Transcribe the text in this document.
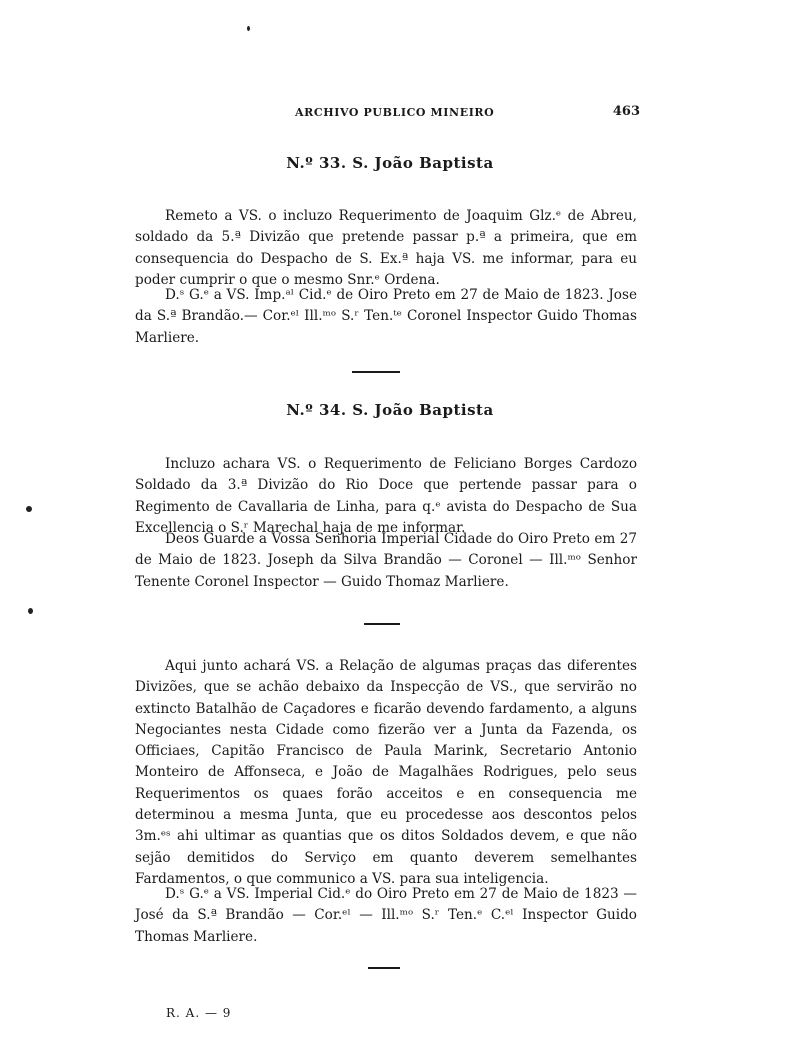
ARCHIVO PUBLICO MINEIRO	463
N.º 33. S. João Baptista

Remeto a VS. o incluzo Requerimento de Joaquim Glz.ᵉ de Abreu, soldado da 5.ª Divizão que pretende passar p.ª a primeira, que em consequencia do Despacho de S. Ex.ª haja VS. me informar, para eu poder cumprir o que o mesmo Snr.ᵉ Ordena.

D.ˢ G.ᵉ a VS. Imp.ᵃˡ Cid.ᵉ de Oiro Preto em 27 de Maio de 1823. Jose da S.ª Brandão.— Cor.ᵉˡ Ill.ᵐᵒ S.ʳ Ten.ᵗᵉ Coronel Inspector Guido Thomas Marliere.

N.º 34. S. João Baptista

Incluzo achara VS. o Requerimento de Feliciano Borges Cardozo Soldado da 3.ª Divizão do Rio Doce que pertende passar para o Regimento de Cavallaria de Linha, para q.ᵉ avista do Despacho de Sua Excellencia o S.ʳ Marechal haja de me informar.

Deos Guarde a Vossa Senhoria Imperial Cidade do Oiro Preto em 27 de Maio de 1823. Joseph da Silva Brandão — Coronel — Ill.ᵐᵒ Senhor Tenente Coronel Inspector — Guido Thomaz Marliere.

Aqui junto achará VS. a Relação de algumas praças das diferentes Divizões, que se achão debaixo da Inspecção de VS., que servirão no extincto Batalhão de Caçadores e ficarão devendo fardamento, a alguns Negociantes nesta Cidade como fizerão ver a Junta da Fazenda, os Officiaes, Capitão Francisco de Paula Marink, Secretario Antonio Monteiro de Affonseca, e João de Magalhães Rodrigues, pelo seus Requerimentos os quaes forão acceitos e en consequencia me determinou a mesma Junta, que eu procedesse aos descontos pelos 3m.ᵉˢ ahi ultimar as quantias que os ditos Soldados devem, e que não sejão demitidos do Serviço em quanto deverem semelhantes Fardamentos, o que communico a VS. para sua inteligencia.

D.ˢ G.ᵉ a VS. Imperial Cid.ᵉ do Oiro Preto em 27 de Maio de 1823 — José da S.ª Brandão — Cor.ᵉˡ — Ill.ᵐᵒ S.ʳ Ten.ᵉ C.ᵉˡ Inspector Guido Thomas Marliere.

R. A. — 9
